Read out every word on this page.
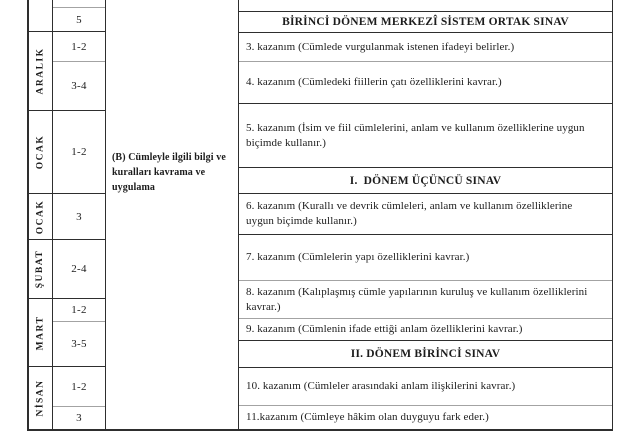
ARALIK
OCAK
OCAK
ŞUBAT
MART
NİSAN
5
1-2
3-4
1-2
3
2-4
1-2
3-5
1-2
3
(B) Cümleyle ilgili bilgi ve kuralları kavrama ve uygulama
BİRİNCİ DÖNEM MERKEZÎ SİSTEM ORTAK SINAV
3. kazanım (Cümlede vurgulanmak istenen ifadeyi belirler.)
4. kazanım (Cümledeki fiillerin çatı özelliklerini kavrar.)
5. kazanım (İsim ve fiil cümlelerini, anlam ve kullanım özelliklerine uygun biçimde kullanır.)
I.  DÖNEM ÜÇÜNCÜ SINAV
6. kazanım (Kurallı ve devrik cümleleri, anlam ve kullanım özelliklerine uygun biçimde kullanır.)
7. kazanım (Cümlelerin yapı özelliklerini kavrar.)
8. kazanım (Kalıplaşmış cümle yapılarının kuruluş ve kullanım özelliklerini kavrar.)
9. kazanım (Cümlenin ifade ettiği anlam özelliklerini kavrar.)
II. DÖNEM BİRİNCİ SINAV
10. kazanım (Cümleler arasındaki anlam ilişkilerini kavrar.)
11.kazanım (Cümleye hâkim olan duyguyu fark eder.)
